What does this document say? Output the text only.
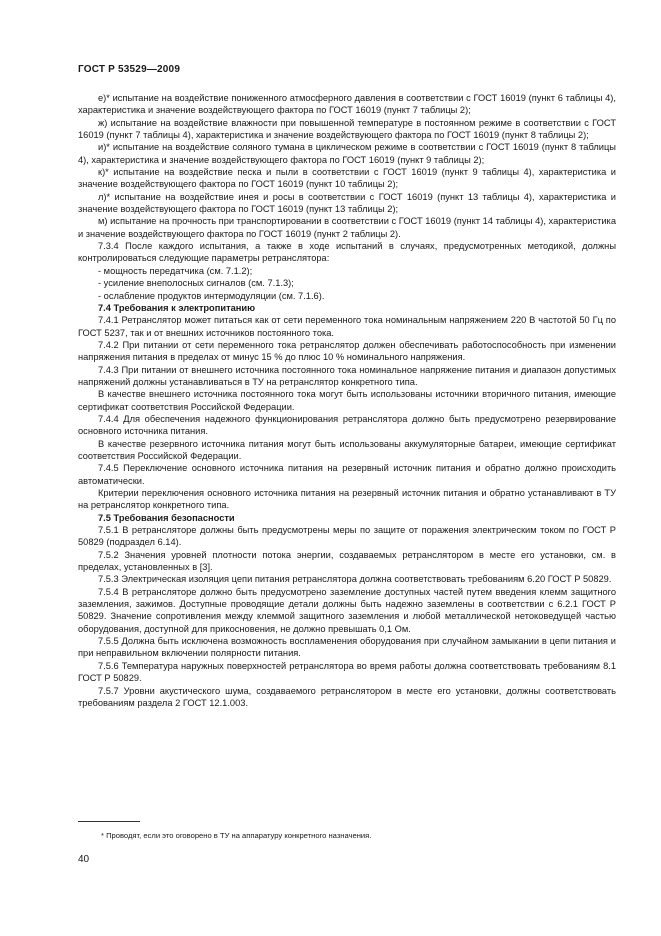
ГОСТ Р 53529—2009

е)* испытание на воздействие пониженного атмосферного давления в соответствии с ГОСТ 16019 (пункт 6 таблицы 4), характеристика и значение воздействующего фактора по ГОСТ 16019 (пункт 7 таблицы 2);

ж) испытание на воздействие влажности при повышенной температуре в постоянном режиме в соответствии с ГОСТ 16019 (пункт 7 таблицы 4), характеристика и значение воздействующего фактора по ГОСТ 16019 (пункт 8 таблицы 2);

и)* испытание на воздействие соляного тумана в циклическом режиме в соответствии с ГОСТ 16019 (пункт 8 таблицы 4), характеристика и значение воздействующего фактора по ГОСТ 16019 (пункт 9 таблицы 2);

к)* испытание на воздействие песка и пыли в соответствии с ГОСТ 16019 (пункт 9 таблицы 4), характеристика и значение воздействующего фактора по ГОСТ 16019 (пункт 10 таблицы 2);

л)* испытание на воздействие инея и росы в соответствии с ГОСТ 16019 (пункт 13 таблицы 4), характеристика и значение воздействующего фактора по ГОСТ 16019 (пункт 13 таблицы 2);

м) испытание на прочность при транспортировании в соответствии с ГОСТ 16019 (пункт 14 таблицы 4), характеристика и значение воздействующего фактора по ГОСТ 16019 (пункт 2 таблицы 2).

7.3.4 После каждого испытания, а также в ходе испытаний в случаях, предусмотренных методикой, должны контролироваться следующие параметры ретранслятора:

- мощность передатчика (см. 7.1.2);

- усиление внеполосных сигналов (см. 7.1.3);

- ослабление продуктов интермодуляции (см. 7.1.6).

7.4 Требования к электропитанию

7.4.1 Ретранслятор может питаться как от сети переменного тока номинальным напряжением 220 В частотой 50 Гц по ГОСТ 5237, так и от внешних источников постоянного тока.

7.4.2 При питании от сети переменного тока ретранслятор должен обеспечивать работоспособность при изменении напряжения питания в пределах от минус 15 % до плюс 10 % номинального напряжения.

7.4.3 При питании от внешнего источника постоянного тока номинальное напряжение питания и диапазон допустимых напряжений должны устанавливаться в ТУ на ретранслятор конкретного типа.

В качестве внешнего источника постоянного тока могут быть использованы источники вторичного питания, имеющие сертификат соответствия Российской Федерации.

7.4.4 Для обеспечения надежного функционирования ретранслятора должно быть предусмотрено резервирование основного источника питания.

В качестве резервного источника питания могут быть использованы аккумуляторные батареи, имеющие сертификат соответствия Российской Федерации.

7.4.5 Переключение основного источника питания на резервный источник питания и обратно должно происходить автоматически.

Критерии переключения основного источника питания на резервный источник питания и обратно устанавливают в ТУ на ретранслятор конкретного типа.

7.5 Требования безопасности

7.5.1 В ретрансляторе должны быть предусмотрены меры по защите от поражения электрическим током по ГОСТ Р 50829 (подраздел 6.14).

7.5.2 Значения уровней плотности потока энергии, создаваемых ретранслятором в месте его установки, см. в пределах, установленных в [3].

7.5.3 Электрическая изоляция цепи питания ретранслятора должна соответствовать требованиям 6.20 ГОСТ Р 50829.

7.5.4 В ретрансляторе должно быть предусмотрено заземление доступных частей путем введения клемм защитного заземления, зажимов. Доступные проводящие детали должны быть надежно заземлены в соответствии с 6.2.1 ГОСТ Р 50829. Значение сопротивления между клеммой защитного заземления и любой металлической нетоковедущей частью оборудования, доступной для прикосновения, не должно превышать 0,1 Ом.

7.5.5 Должна быть исключена возможность воспламенения оборудования при случайном замыкании в цепи питания и при неправильном включении полярности питания.

7.5.6 Температура наружных поверхностей ретранслятора во время работы должна соответствовать требованиям 8.1 ГОСТ Р 50829.

7.5.7 Уровни акустического шума, создаваемого ретранслятором в месте его установки, должны соответствовать требованиям раздела 2 ГОСТ 12.1.003.

* Проводят, если это оговорено в ТУ на аппаратуру конкретного назначения.
40
